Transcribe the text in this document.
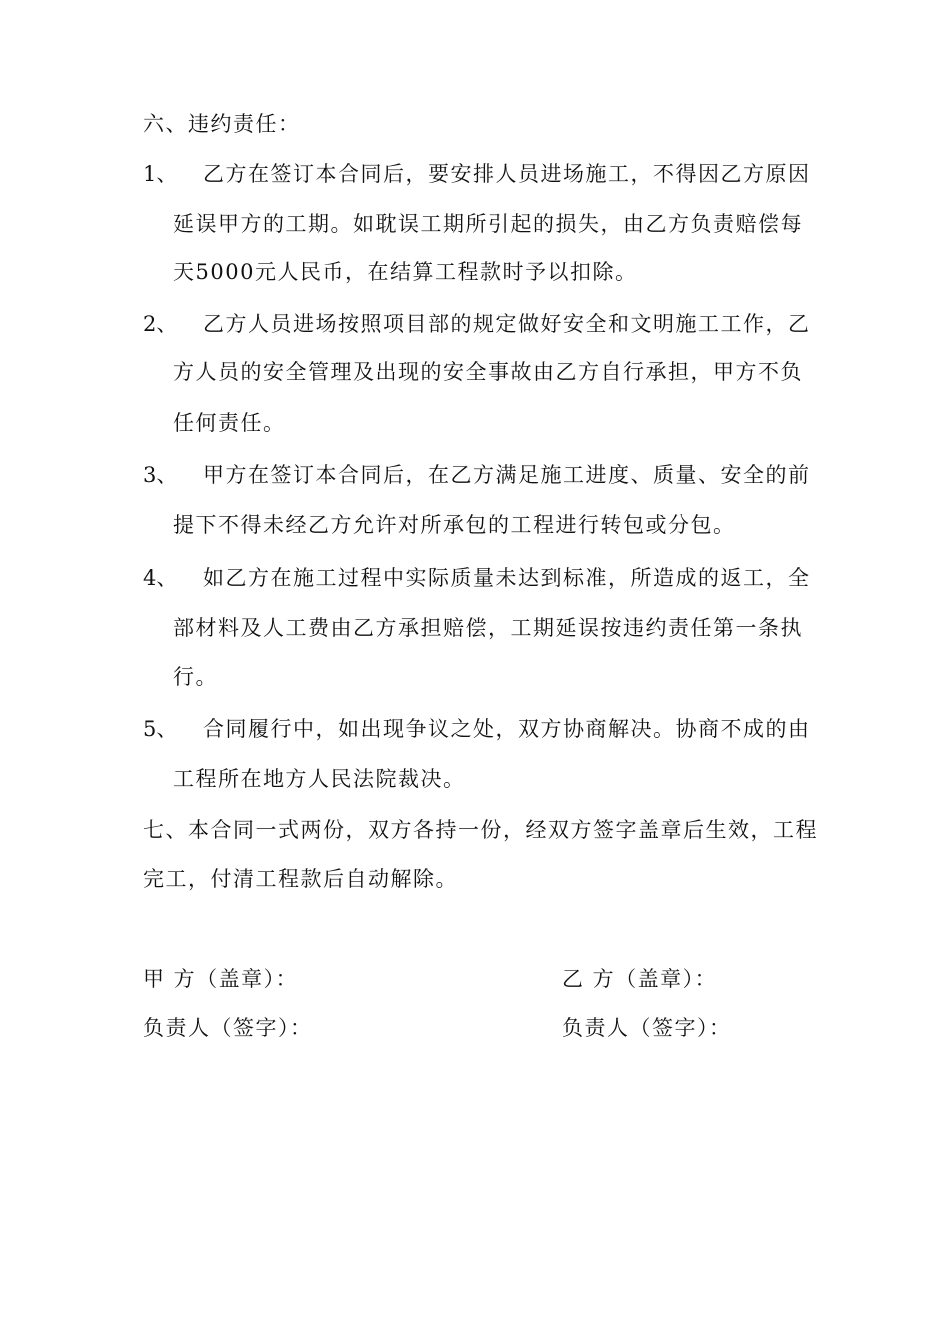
六、违约责任：
1、 乙方在签订本合同后，要安排人员进场施工，不得因乙方原因
延误甲方的工期。如耽误工期所引起的损失，由乙方负责赔偿每
天5000元人民币，在结算工程款时予以扣除。
2、 乙方人员进场按照项目部的规定做好安全和文明施工工作，乙
方人员的安全管理及出现的安全事故由乙方自行承担，甲方不负
任何责任。
3、 甲方在签订本合同后，在乙方满足施工进度、质量、安全的前
提下不得未经乙方允许对所承包的工程进行转包或分包。
4、 如乙方在施工过程中实际质量未达到标准，所造成的返工，全
部材料及人工费由乙方承担赔偿，工期延误按违约责任第一条执
行。
5、 合同履行中，如出现争议之处，双方协商解决。协商不成的由
工程所在地方人民法院裁决。
七、本合同一式两份，双方各持一份，经双方签字盖章后生效，工程
完工，付清工程款后自动解除。
甲 方（盖章）：	乙 方（盖章）：
负责人（签字）：	负责人（签字）：
